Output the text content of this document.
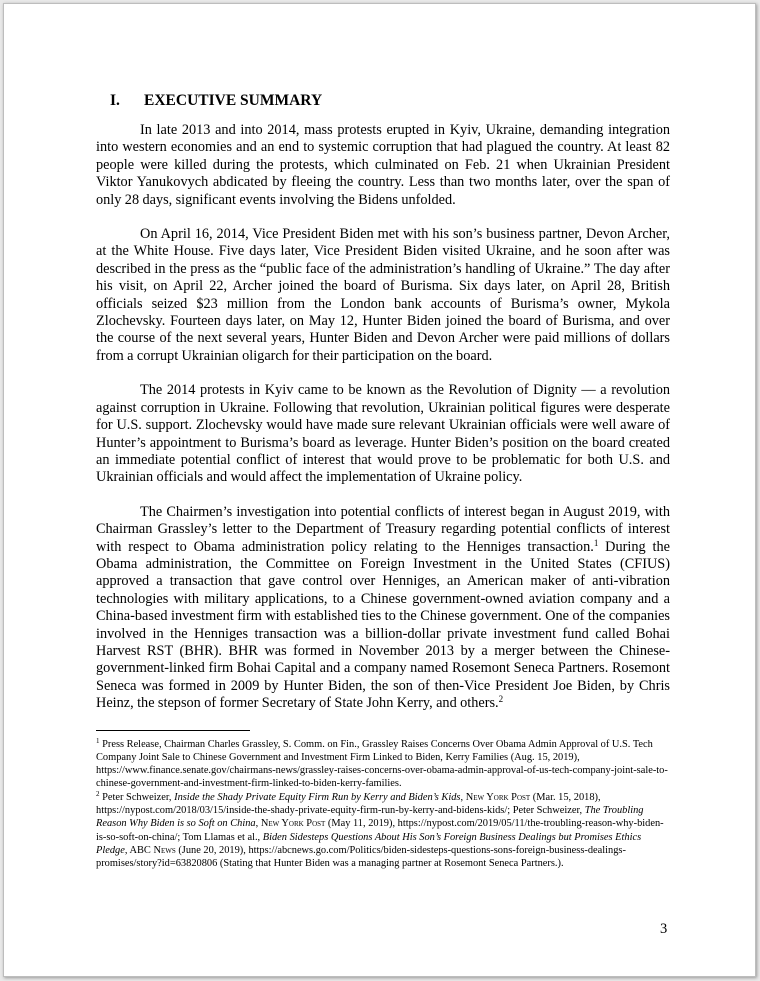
I.	EXECUTIVE SUMMARY

In late 2013 and into 2014, mass protests erupted in Kyiv, Ukraine, demanding integration into western economies and an end to systemic corruption that had plagued the country. At least 82 people were killed during the protests, which culminated on Feb. 21 when Ukrainian President Viktor Yanukovych abdicated by fleeing the country. Less than two months later, over the span of only 28 days, significant events involving the Bidens unfolded.

On April 16, 2014, Vice President Biden met with his son’s business partner, Devon Archer, at the White House. Five days later, Vice President Biden visited Ukraine, and he soon after was described in the press as the “public face of the administration’s handling of Ukraine.” The day after his visit, on April 22, Archer joined the board of Burisma. Six days later, on April 28, British officials seized $23 million from the London bank accounts of Burisma’s owner, Mykola Zlochevsky. Fourteen days later, on May 12, Hunter Biden joined the board of Burisma, and over the course of the next several years, Hunter Biden and Devon Archer were paid millions of dollars from a corrupt Ukrainian oligarch for their participation on the board.

The 2014 protests in Kyiv came to be known as the Revolution of Dignity — a revolution against corruption in Ukraine. Following that revolution, Ukrainian political figures were desperate for U.S. support. Zlochevsky would have made sure relevant Ukrainian officials were well aware of Hunter’s appointment to Burisma’s board as leverage. Hunter Biden’s position on the board created an immediate potential conflict of interest that would prove to be problematic for both U.S. and Ukrainian officials and would affect the implementation of Ukraine policy.

The Chairmen’s investigation into potential conflicts of interest began in August 2019, with Chairman Grassley’s letter to the Department of Treasury regarding potential conflicts of interest with respect to Obama administration policy relating to the Henniges transaction.$^1$ During the Obama administration, the Committee on Foreign Investment in the United States (CFIUS) approved a transaction that gave control over Henniges, an American maker of anti-vibration technologies with military applications, to a Chinese government-owned aviation company and a China-based investment firm with established ties to the Chinese government. One of the companies involved in the Henniges transaction was a billion-dollar private investment fund called Bohai Harvest RST (BHR). BHR was formed in November 2013 by a merger between the Chinese-government-linked firm Bohai Capital and a company named Rosemont Seneca Partners. Rosemont Seneca was formed in 2009 by Hunter Biden, the son of then-Vice President Joe Biden, by Chris Heinz, the stepson of former Secretary of State John Kerry, and others.$^2$

$^1$ Press Release, Chairman Charles Grassley, S. Comm. on Fin., Grassley Raises Concerns Over Obama Admin Approval of U.S. Tech Company Joint Sale to Chinese Government and Investment Firm Linked to Biden, Kerry Families (Aug. 15, 2019), https://www.finance.senate.gov/chairmans-news/grassley-raises-concerns-over-obama-admin-approval-of-us-tech-company-joint-sale-to-chinese-government-and-investment-firm-linked-to-biden-kerry-families.

$^2$ Peter Schweizer, Inside the Shady Private Equity Firm Run by Kerry and Biden’s Kids, New York Post (Mar. 15, 2018), https://nypost.com/2018/03/15/inside-the-shady-private-equity-firm-run-by-kerry-and-bidens-kids/; Peter Schweizer, The Troubling Reason Why Biden is so Soft on China, New York Post (May 11, 2019), https://nypost.com/2019/05/11/the-troubling-reason-why-biden-is-so-soft-on-china/; Tom Llamas et al., Biden Sidesteps Questions About His Son’s Foreign Business Dealings but Promises Ethics Pledge, ABC News (June 20, 2019), https://abcnews.go.com/Politics/biden-sidesteps-questions-sons-foreign-business-dealings-promises/story?id=63820806 (Stating that Hunter Biden was a managing partner at Rosemont Seneca Partners.).

3
